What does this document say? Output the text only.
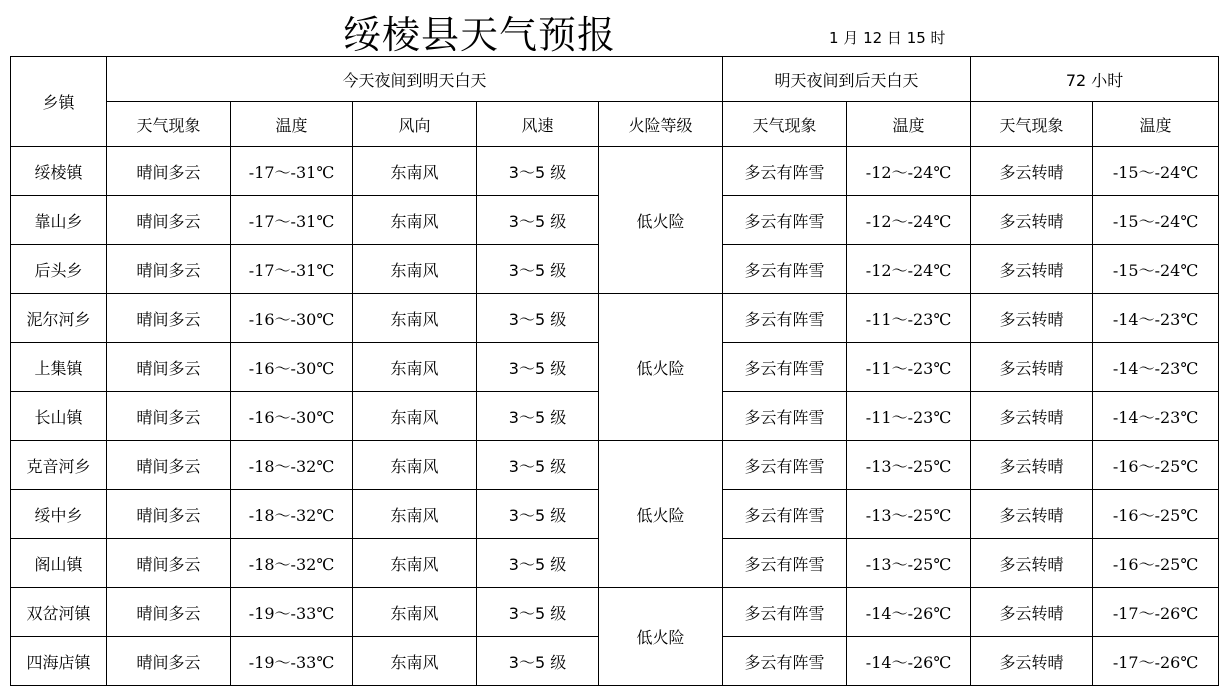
绥棱县天气预报	1 月 12 日 15 时
乡镇	今天夜间到明天白天					明天夜间到后天白天		72 小时	
	天气现象	温度	风向	风速	火险等级	天气现象	温度	天气现象	温度
绥棱镇	晴间多云	-17～-31℃	东南风	3～5 级	低火险	多云有阵雪	-12～-24℃	多云转晴	-15～-24℃
靠山乡	晴间多云	-17～-31℃	东南风	3～5 级		多云有阵雪	-12～-24℃	多云转晴	-15～-24℃
后头乡	晴间多云	-17～-31℃	东南风	3～5 级		多云有阵雪	-12～-24℃	多云转晴	-15～-24℃
泥尔河乡	晴间多云	-16～-30℃	东南风	3～5 级	低火险	多云有阵雪	-11～-23℃	多云转晴	-14～-23℃
上集镇	晴间多云	-16～-30℃	东南风	3～5 级		多云有阵雪	-11～-23℃	多云转晴	-14～-23℃
长山镇	晴间多云	-16～-30℃	东南风	3～5 级		多云有阵雪	-11～-23℃	多云转晴	-14～-23℃
克音河乡	晴间多云	-18～-32℃	东南风	3～5 级	低火险	多云有阵雪	-13～-25℃	多云转晴	-16～-25℃
绥中乡	晴间多云	-18～-32℃	东南风	3～5 级		多云有阵雪	-13～-25℃	多云转晴	-16～-25℃
阁山镇	晴间多云	-18～-32℃	东南风	3～5 级		多云有阵雪	-13～-25℃	多云转晴	-16～-25℃
双岔河镇	晴间多云	-19～-33℃	东南风	3～5 级	低火险	多云有阵雪	-14～-26℃	多云转晴	-17～-26℃
四海店镇	晴间多云	-19～-33℃	东南风	3～5 级		多云有阵雪	-14～-26℃	多云转晴	-17～-26℃
